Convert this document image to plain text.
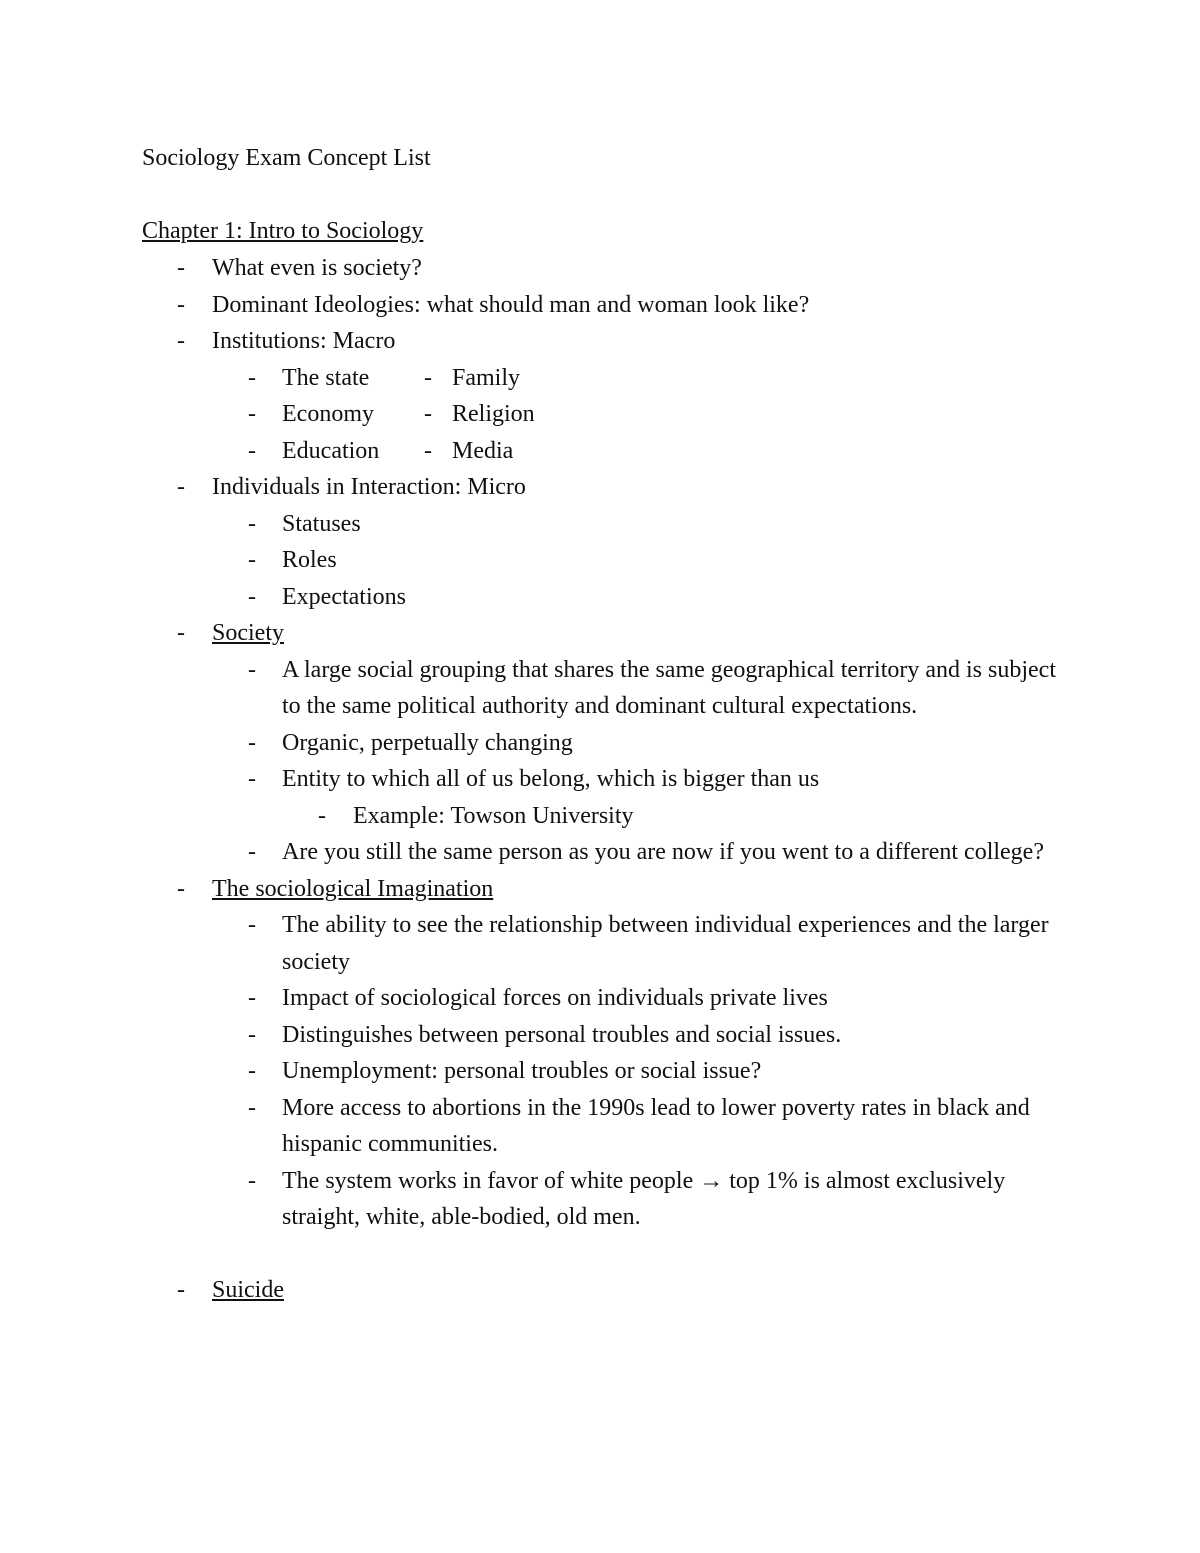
Sociology Exam Concept List
Chapter 1: Intro to Sociology
-	What even is society?
-	Dominant Ideologies: what should man and woman look like?
-	Institutions: Macro
- The state - Family
- Economy - Religion
- Education - Media
-	Individuals in Interaction: Micro
-	Statuses
-	Roles
-	Expectations
-	Society
-	A large social grouping that shares the same geographical territory and is subject to the same political authority and dominant cultural expectations.
-	Organic, perpetually changing
-	Entity to which all of us belong, which is bigger than us
-	Example: Towson University
-	Are you still the same person as you are now if you went to a different college?
-	The sociological Imagination
-	The ability to see the relationship between individual experiences and the larger society
-	Impact of sociological forces on individuals private lives
-	Distinguishes between personal troubles and social issues.
-	Unemployment: personal troubles or social issue?
-	More access to abortions in the 1990s lead to lower poverty rates in black and hispanic communities.
-	The system works in favor of white people → top 1% is almost exclusively straight, white, able-bodied, old men.
-	Suicide
